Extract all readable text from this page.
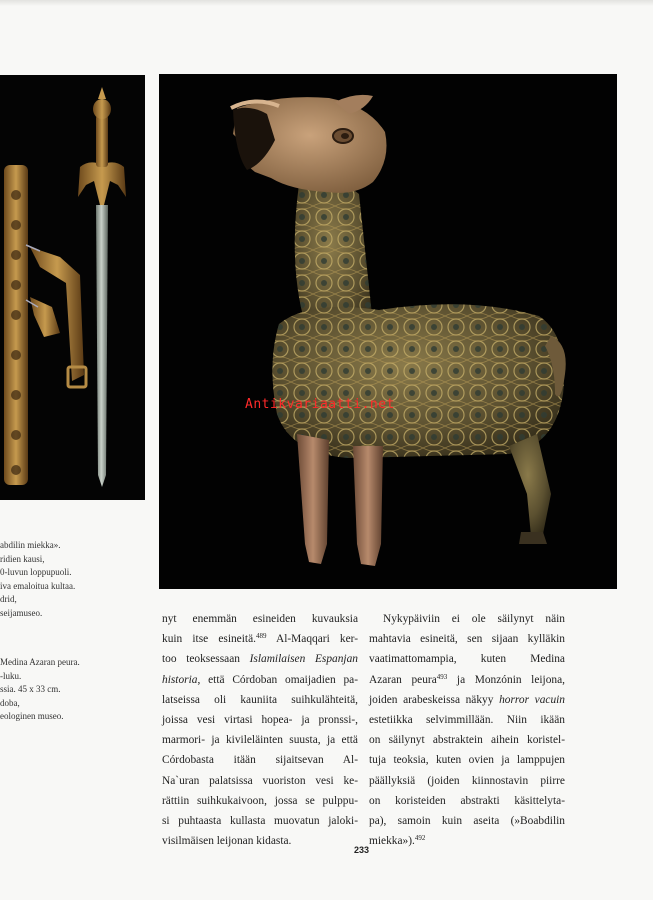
Antikvariaatti.net
abdilin miekka».
ridien kausi,
0-luvun loppupuoli.
iva emaloitua kultaa.
drid,
seijamuseo.
Medina Azaran peura.
-luku.
ssia. 45 x 33 cm.
doba,
eologinen museo.
nyt enemmän esineiden kuvauksia
kuin itse esineitä.$^{489}$ Al-Maqqari ker-
too teoksessaan Islamilaisen Espanjan
historia, että Córdoban omaijadien pa-
latseissa oli kauniita suihkulähteitä,
joissa vesi virtasi hopea- ja pronssi-,
marmori- ja kivileläinten suusta, ja että
Córdobasta itään sijaitsevan Al-
Na`uran palatsissa vuoriston vesi ke-
rättiin suihkukaivoon, jossa se pulppu-
si puhtaasta kullasta muovatun jaloki-
visilmäisen leijonan kidasta.
Nykypäiviin ei ole säilynyt näin
mahtavia esineitä, sen sijaan kylläkin
vaatimattomampia, kuten Medina
Azaran peura$^{493}$ ja Monzónin leijona,
joiden arabeskeissa näkyy horror vacuin
estetiikka selvimmillään. Niin ikään
on säilynyt abstraktein aihein koristel-
tuja teoksia, kuten ovien ja lamppujen
päällyksiä (joiden kiinnostavin piirre
on koristeiden abstrakti käsittelyta-
pa), samoin kuin aseita (»Boabdilin
miekka»).$^{492}$
233
